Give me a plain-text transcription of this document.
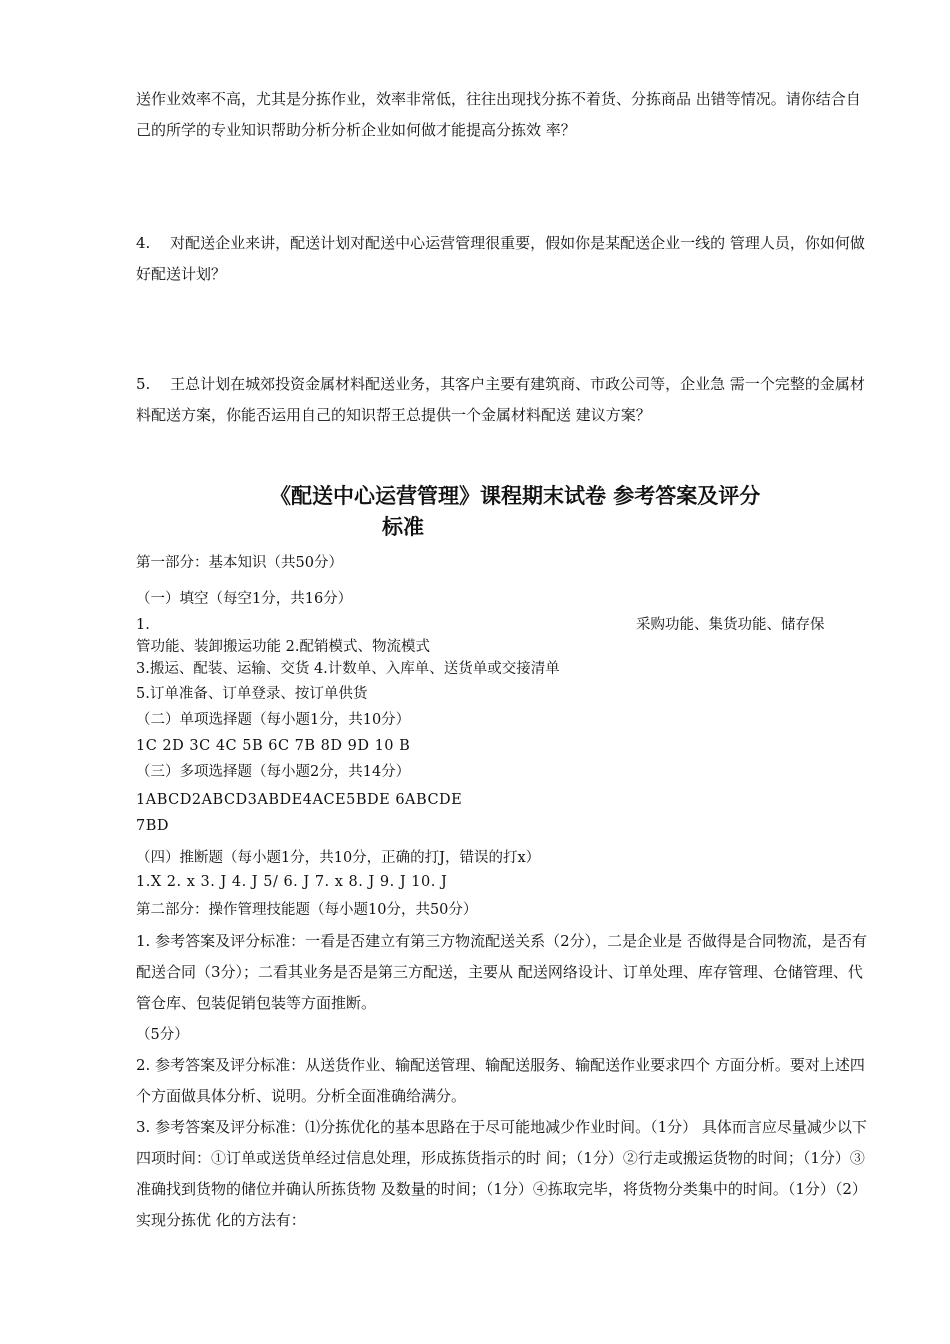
送作业效率不高，尤其是分拣作业，效率非常低，往往出现找分拣不着货、分拣商品 出错等情况。请你结合自己的所学的专业知识帮助分析分析企业如何做才能提高分拣效 率？

4.　 对配送企业来讲，配送计划对配送中心运营管理很重要，假如你是某配送企业一线的 管理人员，你如何做好配送计划？

5.　 王总计划在城郊投资金属材料配送业务，其客户主要有建筑商、市政公司等，企业急 需一个完整的金属材料配送方案，你能否运用自己的知识帮王总提供一个金属材料配送 建议方案？

《配送中心运营管理》课程期末试卷 参考答案及评分
标准

第一部分：基本知识（共50分）

（一）填空（每空1分，共16分）

1.	采购功能、集货功能、储存保

管功能、装卸搬运功能 2.配销模式、物流模式

3.搬运、配装、运输、交货 4.计数单、入库单、送货单或交接清单

5.订单准备、订单登录、按订单供货

（二）单项选择题（每小题1分，共10分）

1C 2D 3C 4C 5B 6C 7B 8D 9D 10 B

（三）多项选择题（每小题2分，共14分）

1ABCD2ABCD3ABDE4ACE5BDE 6ABCDE

7BD

（四）推断题（每小题1分，共10分，正确的打J，错误的打x）

1.X 2. x 3. J 4. J 5/ 6. J 7. x 8. J 9. J 10. J

第二部分：操作管理技能题（每小题10分，共50分）

1. 参考答案及评分标准：一看是否建立有第三方物流配送关系（2分），二是企业是 否做得是合同物流，是否有配送合同（3分）；二看其业务是否是第三方配送，主要从 配送网络设计、订单处理、库存管理、仓储管理、代管仓库、包装促销包装等方面推断。

（5分）

2. 参考答案及评分标准：从送货作业、输配送管理、输配送服务、输配送作业要求四个 方面分析。要对上述四个方面做具体分析、说明。分析全面准确给满分。

3. 参考答案及评分标准：⑴分拣优化的基本思路在于尽可能地减少作业时间。（1分） 具体而言应尽量减少以下四项时间：①订单或送货单经过信息处理，形成拣货指示的时 间；（1分）②行走或搬运货物的时间；（1分）③准确找到货物的储位并确认所拣货物 及数量的时间；（1分）④拣取完毕，将货物分类集中的时间。（1分）（2）实现分拣优 化的方法有：
